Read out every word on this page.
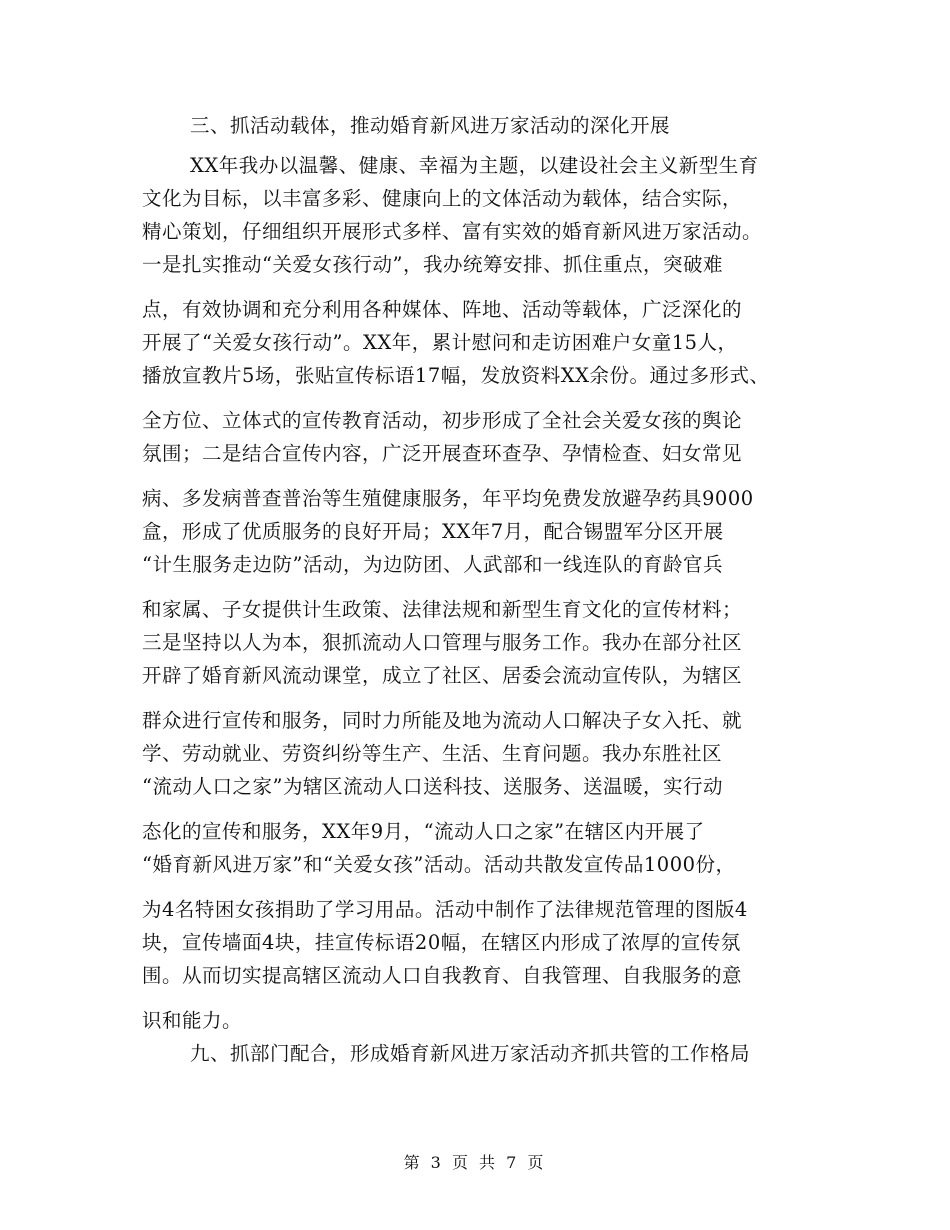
三、抓活动载体，推动婚育新风进万家活动的深化开展
XX年我办以温馨、健康、幸福为主题，以建设社会主义新型生育
文化为目标，以丰富多彩、健康向上的文体活动为载体，结合实际，
精心策划，仔细组织开展形式多样、富有实效的婚育新风进万家活动。
一是扎实推动“关爱女孩行动”，我办统筹安排、抓住重点，突破难
点，有效协调和充分利用各种媒体、阵地、活动等载体，广泛深化的
开展了“关爱女孩行动”。XX年，累计慰问和走访困难户女童15人，
播放宣教片5场，张贴宣传标语17幅，发放资料XX余份。通过多形式、
全方位、立体式的宣传教育活动，初步形成了全社会关爱女孩的舆论
氛围；二是结合宣传内容，广泛开展查环查孕、孕情检查、妇女常见
病、多发病普查普治等生殖健康服务，年平均免费发放避孕药具9000
盒，形成了优质服务的良好开局；XX年7月，配合锡盟军分区开展
“计生服务走边防”活动，为边防团、人武部和一线连队的育龄官兵
和家属、子女提供计生政策、法律法规和新型生育文化的宣传材料；
三是坚持以人为本，狠抓流动人口管理与服务工作。我办在部分社区
开辟了婚育新风流动课堂，成立了社区、居委会流动宣传队，为辖区
群众进行宣传和服务，同时力所能及地为流动人口解决子女入托、就
学、劳动就业、劳资纠纷等生产、生活、生育问题。我办东胜社区
“流动人口之家”为辖区流动人口送科技、送服务、送温暖，实行动
态化的宣传和服务，XX年9月，“流动人口之家”在辖区内开展了
“婚育新风进万家”和“关爱女孩”活动。活动共散发宣传品1000份，
为4名特困女孩捐助了学习用品。活动中制作了法律规范管理的图版4
块，宣传墙面4块，挂宣传标语20幅，在辖区内形成了浓厚的宣传氛
围。从而切实提高辖区流动人口自我教育、自我管理、自我服务的意
识和能力。
九、抓部门配合，形成婚育新风进万家活动齐抓共管的工作格局
第 3 页 共 7 页
